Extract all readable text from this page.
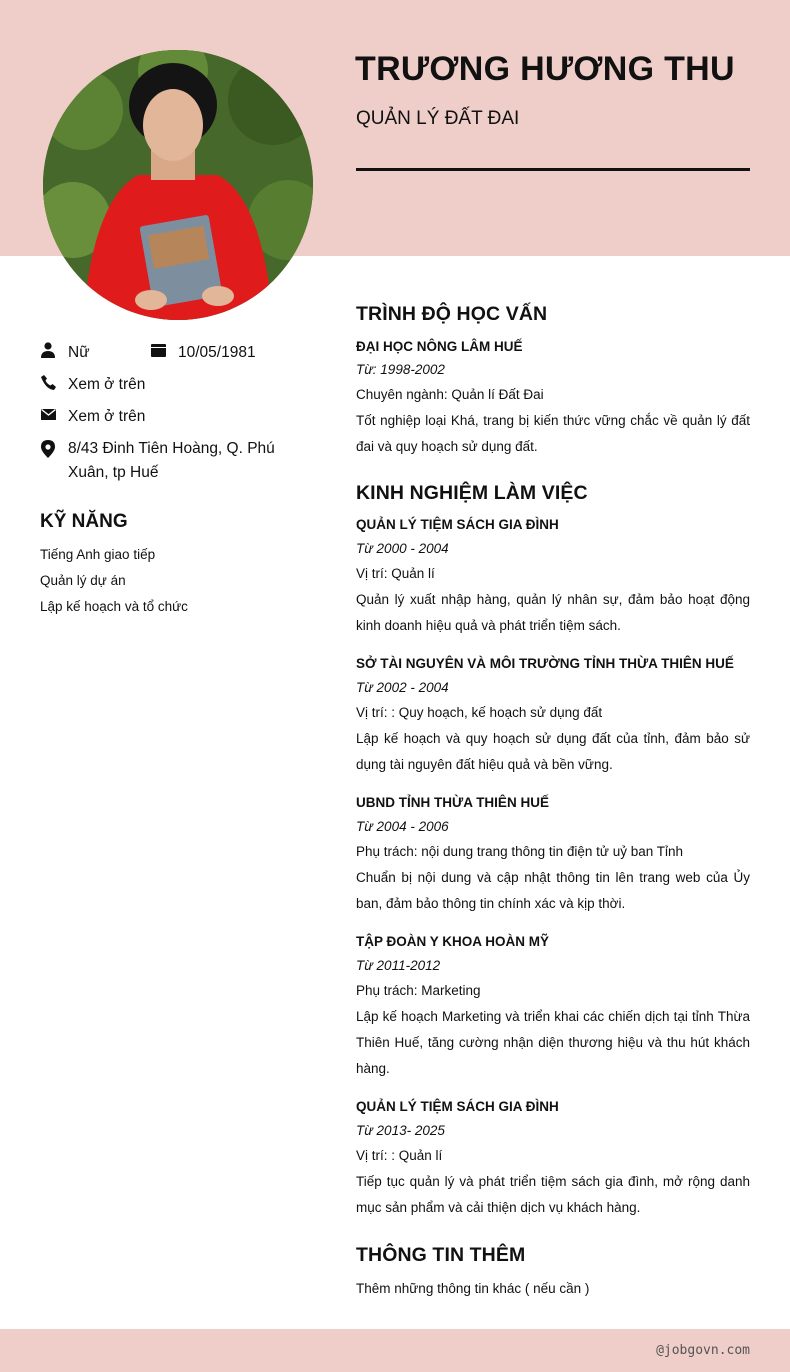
TRƯƠNG HƯƠNG THU
QUẢN LÝ ĐẤT ĐAI
Nữ	10/05/1981
Xem ở trên
Xem ở trên
8/43 Đinh Tiên Hoàng, Q. Phú Xuân, tp Huế
KỸ NĂNG
Tiếng Anh giao tiếp
Quản lý dự án
Lập kế hoạch và tổ chức
TRÌNH ĐỘ HỌC VẤN
ĐẠI HỌC NÔNG LÂM HUẾ
Từ: 1998-2002
Chuyên ngành: Quản lí Đất Đai
Tốt nghiệp loại Khá, trang bị kiến thức vững chắc về quản lý đất đai và quy hoạch sử dụng đất.
KINH NGHIỆM LÀM VIỆC
QUẢN LÝ TIỆM SÁCH GIA ĐÌNH
Từ 2000 - 2004
Vị trí: Quản lí
Quản lý xuất nhập hàng, quản lý nhân sự, đảm bảo hoạt động kinh doanh hiệu quả và phát triển tiệm sách.
SỞ TÀI NGUYÊN VÀ MÔI TRƯỜNG TỈNH THỪA THIÊN HUẾ
Từ 2002 - 2004
Vị trí: : Quy hoạch, kế hoạch sử dụng đất
Lập kế hoạch và quy hoạch sử dụng đất của tỉnh, đảm bảo sử dụng tài nguyên đất hiệu quả và bền vững.
UBND TỈNH THỪA THIÊN HUẾ
Từ 2004 - 2006
Phụ trách: nội dung trang thông tin điện tử uỷ ban Tỉnh
Chuẩn bị nội dung và cập nhật thông tin lên trang web của Ủy ban, đảm bảo thông tin chính xác và kịp thời.
TẬP ĐOÀN Y KHOA HOÀN MỸ
Từ 2011-2012
Phụ trách: Marketing
Lập kế hoạch Marketing và triển khai các chiến dịch tại tỉnh Thừa Thiên Huế, tăng cường nhận diện thương hiệu và thu hút khách hàng.
QUẢN LÝ TIỆM SÁCH GIA ĐÌNH
Từ 2013- 2025
Vị trí: : Quản lí
Tiếp tục quản lý và phát triển tiệm sách gia đình, mở rộng danh mục sản phẩm và cải thiện dịch vụ khách hàng.
THÔNG TIN THÊM
Thêm những thông tin khác ( nếu cần )
@jobgovn.com
